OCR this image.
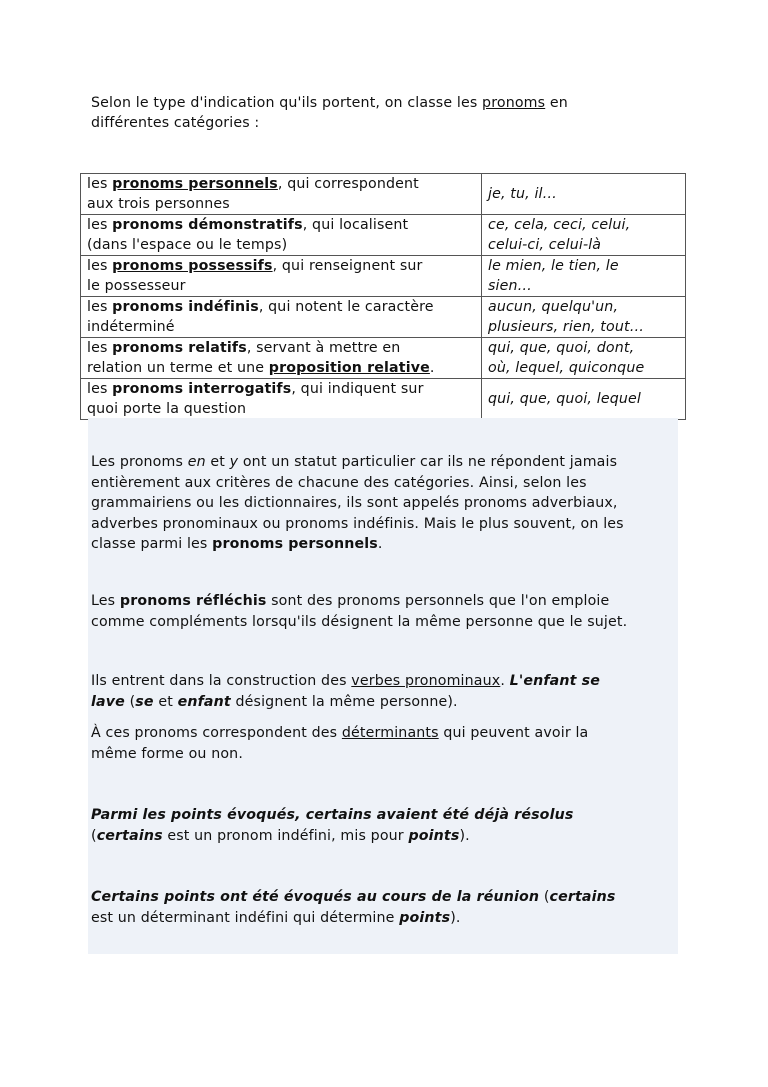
Selon le type d'indication qu'ils portent, on classe les pronoms en
différentes catégories :

les pronoms personnels, qui correspondent
aux trois personnes	je, tu, il…

les pronoms démonstratifs, qui localisent
(dans l'espace ou le temps)	ce, cela, ceci, celui,
celui-ci, celui-là

les pronoms possessifs, qui renseignent sur
le possesseur	le mien, le tien, le
sien…

les pronoms indéfinis, qui notent le caractère
indéterminé	aucun, quelqu'un,
plusieurs, rien, tout…

les pronoms relatifs, servant à mettre en
relation un terme et une proposition relative.	qui, que, quoi, dont,
où, lequel, quiconque

les pronoms interrogatifs, qui indiquent sur
quoi porte la question	qui, que, quoi, lequel

Les pronoms en et y ont un statut particulier car ils ne répondent jamais
entièrement aux critères de chacune des catégories. Ainsi, selon les
grammairiens ou les dictionnaires, ils sont appelés pronoms adverbiaux,
adverbes pronominaux ou pronoms indéfinis. Mais le plus souvent, on les
classe parmi les pronoms personnels.

Les pronoms réfléchis sont des pronoms personnels que l'on emploie
comme compléments lorsqu'ils désignent la même personne que le sujet.

Ils entrent dans la construction des verbes pronominaux. L'enfant se
lave (se et enfant désignent la même personne).

À ces pronoms correspondent des déterminants qui peuvent avoir la
même forme ou non.

Parmi les points évoqués, certains avaient été déjà résolus
(certains est un pronom indéfini, mis pour points).

Certains points ont été évoqués au cours de la réunion (certains
est un déterminant indéfini qui détermine points).
